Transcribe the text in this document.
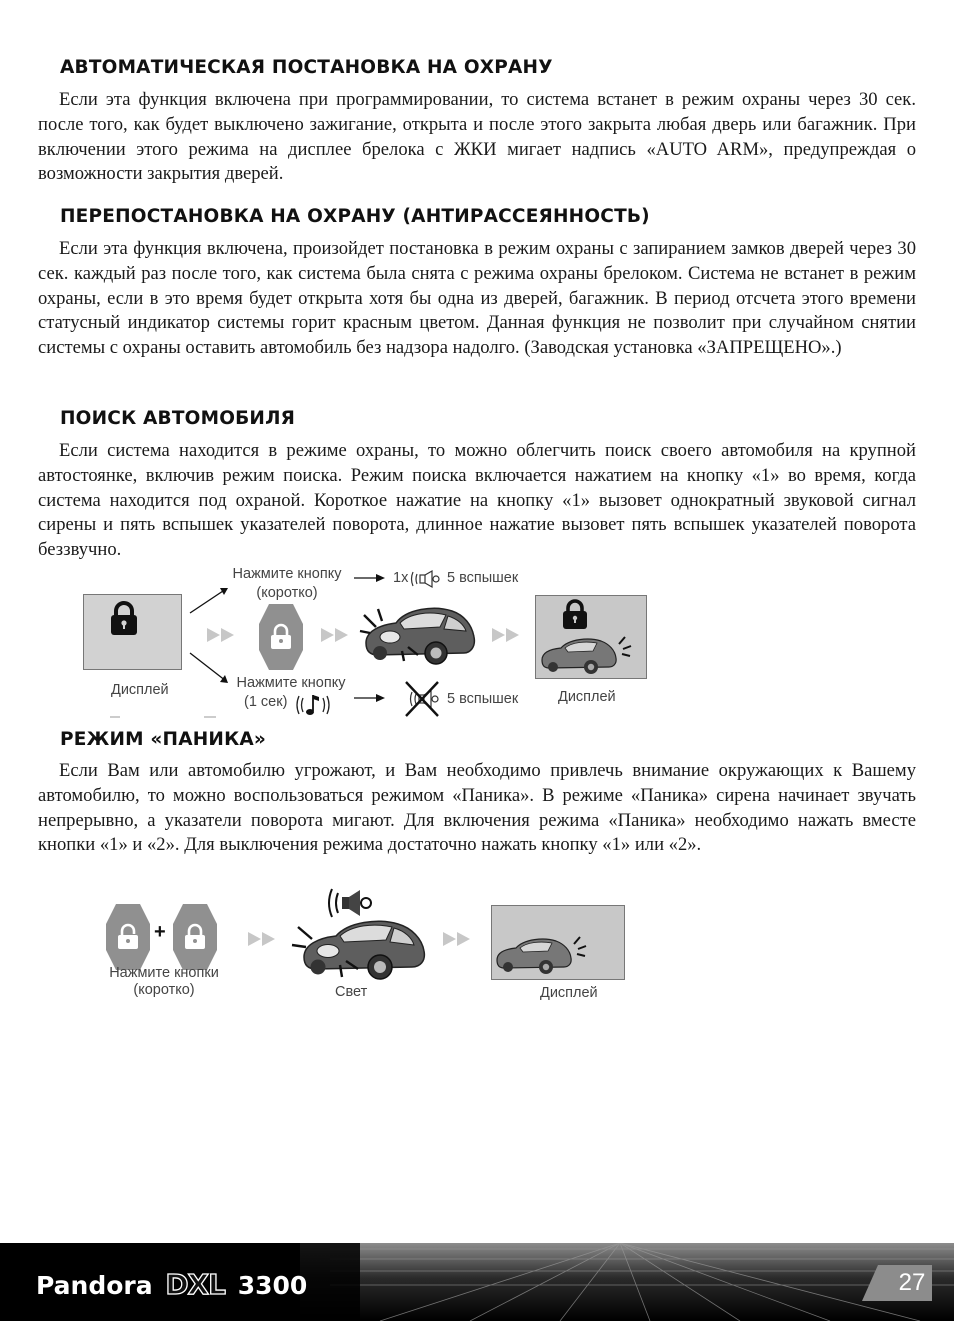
АВТОМАТИЧЕСКАЯ ПОСТАНОВКА НА ОХРАНУ
Если эта функция включена при программировании, то система встанет в режим охраны через 30 сек. после того, как будет выключено зажигание, открыта и после этого закрыта любая дверь или багажник. При включении этого режима на дисплее брелока с ЖКИ мигает надпись «AUTO ARM», предупреждая о возможности закрытия дверей.
ПЕРЕПОСТАНОВКА НА ОХРАНУ (АНТИРАССЕЯННОСТЬ)
Если эта функция включена, произойдет постановка в режим охраны с запиранием замков дверей через 30 сек. каждый раз после того, как система была снята с режима охраны брелоком. Система не встанет в режим охраны, если в это время будет открыта хотя бы одна из дверей, багажник. В период отсчета этого времени статусный индикатор системы горит красным цветом. Данная функция не позволит при случайном снятии системы с охраны оставить автомобиль без надзора надолго. (Заводская установка «ЗАПРЕЩЕНО».)
ПОИСК АВТОМОБИЛЯ
Если система находится в режиме охраны, то можно облегчить поиск своего автомобиля на крупной автостоянке, включив режим поиска. Режим поиска включается нажатием на кнопку «1» во время, когда система находится под охраной. Короткое нажатие на кнопку «1» вызовет однократный звуковой сигнал сирены и пять вспышек указателей поворота, длинное нажатие вызовет пять вспышек указателей поворота беззвучно.
Дисплей
Нажмите кнопку
(коротко)
1x	5 вспышек
Нажмите кнопку
(1 сек)	5 вспышек	Дисплей
РЕЖИМ «ПАНИКА»
Если Вам или автомобилю угрожают, и Вам необходимо привлечь внимание окружающих к Вашему автомобилю, то можно воспользоваться режимом «Паника». В режиме «Паника» сирена начинает звучать непрерывно, а указатели поворота мигают. Для включения режима «Паника» необходимо нажать вместе кнопки «1» и «2». Для выключения режима достаточно нажать кнопку «1» или «2».
+
Нажмите кнопки
(коротко)	Свет	Дисплей
Pandora DXL 3300	27
